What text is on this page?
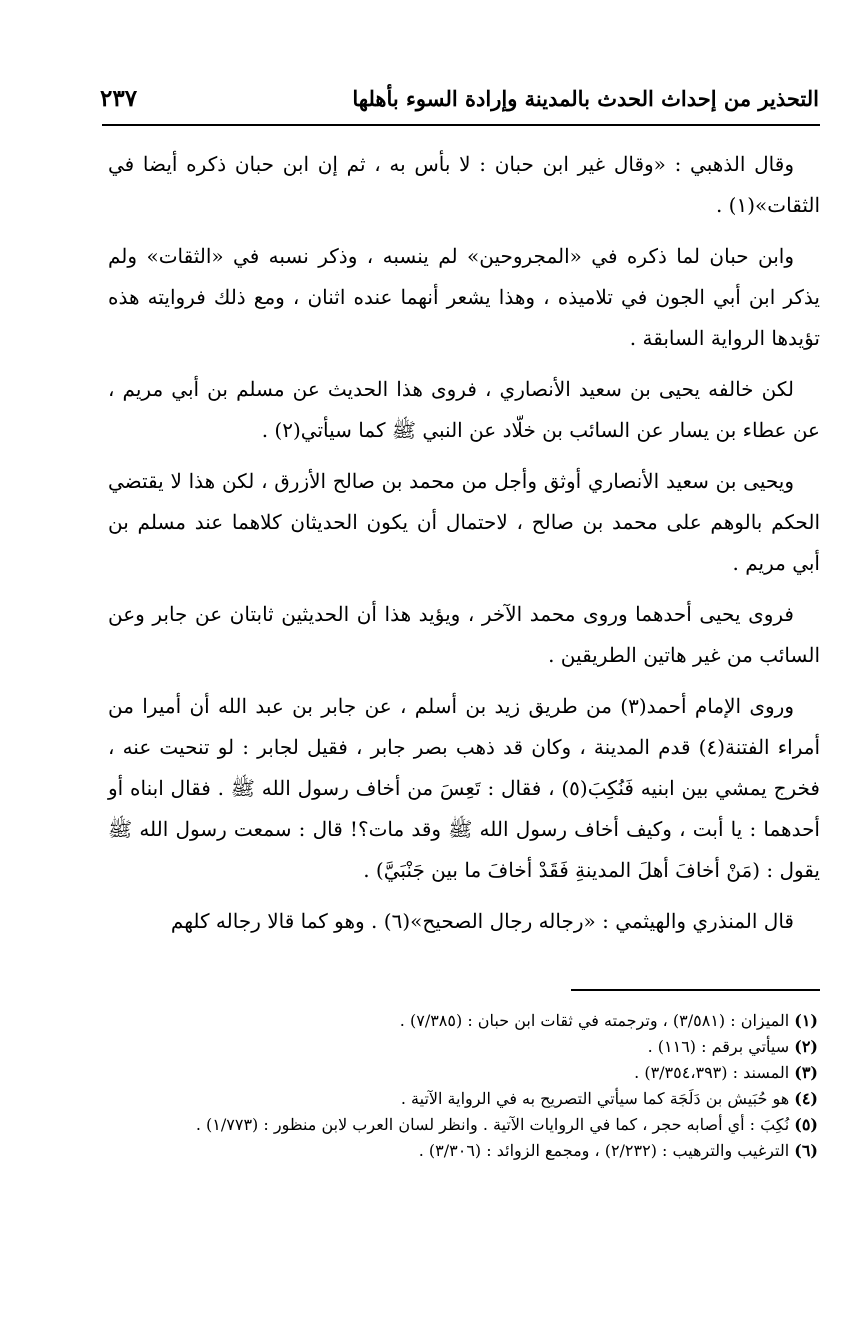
التحذير من إحداث الحدث بالمدينة وإرادة السوء بأهلها
٢٣٧

وقال الذهبي : «وقال غير ابن حبان : لا بأس به ، ثم إن ابن حبان ذكره أيضا في الثقات»(١) .

وابن حبان لما ذكره في «المجروحين» لم ينسبه ، وذكر نسبه في «الثقات» ولم يذكر ابن أبي الجون في تلاميذه ، وهذا يشعر أنهما عنده اثنان ، ومع ذلك فروايته هذه تؤيدها الرواية السابقة .

لكن خالفه يحيى بن سعيد الأنصاري ، فروى هذا الحديث عن مسلم بن أبي مريم ، عن عطاء بن يسار عن السائب بن خلّاد عن النبي ﷺ كما سيأتي(٢) .

ويحيى بن سعيد الأنصاري أوثق وأجل من محمد بن صالح الأزرق ، لكن هذا لا يقتضي الحكم بالوهم على محمد بن صالح ، لاحتمال أن يكون الحديثان كلاهما عند مسلم بن أبي مريم .

فروى يحيى أحدهما وروى محمد الآخر ، ويؤيد هذا أن الحديثين ثابتان عن جابر وعن السائب من غير هاتين الطريقين .

وروى الإمام أحمد(٣) من طريق زيد بن أسلم ، عن جابر بن عبد الله أن أميرا من أمراء الفتنة(٤) قدم المدينة ، وكان قد ذهب بصر جابر ، فقيل لجابر : لو تنحيت عنه ، فخرج يمشي بين ابنيه فَنُكِبَ(٥) ، فقال : تَعِسَ من أخاف رسول الله ﷺ . فقال ابناه أو أحدهما : يا أبت ، وكيف أخاف رسول الله ﷺ وقد مات؟! قال : سمعت رسول الله ﷺ يقول : (مَنْ أخافَ أهلَ المدينةِ فَقَدْ أخافَ ما بين جَنْبَيَّ) .

قال المنذري والهيثمي : «رجاله رجال الصحيح»(٦) . وهو كما قالا رجاله كلهم

(١) الميزان : (٣/٥٨١) ، وترجمته في ثقات ابن حبان : (٧/٣٨٥) .

(٢) سيأتي برقم : (١١٦) .

(٣) المسند : (٣/٣٥٤،٣٩٣) .

(٤) هو حُبَيش بن دَلَجَة كما سيأتي التصريح به في الرواية الآتية .

(٥) نُكِبَ : أي أصابه حجر ، كما في الروايات الآتية . وانظر لسان العرب لابن منظور : (١/٧٧٣) .

(٦) الترغيب والترهيب : (٢/٢٣٢) ، ومجمع الزوائد : (٣/٣٠٦) .
